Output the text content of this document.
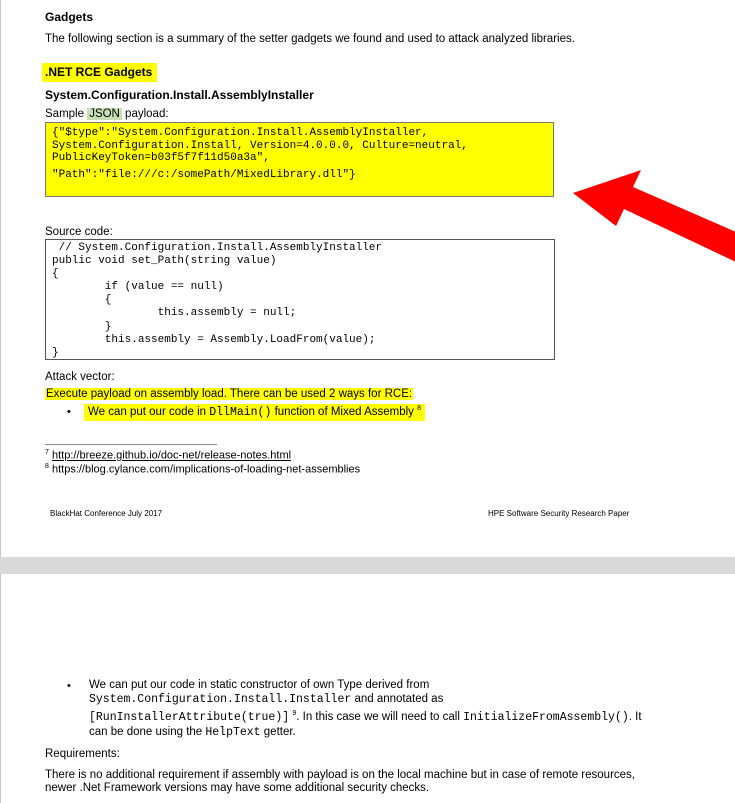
Gadgets
The following section is a summary of the setter gadgets we found and used to attack analyzed libraries.
.NET RCE Gadgets
System.Configuration.Install.AssemblyInstaller
Sample JSON payload:
{"$type":"System.Configuration.Install.AssemblyInstaller,
System.Configuration.Install, Version=4.0.0.0, Culture=neutral,
PublicKeyToken=b03f5f7f11d50a3a",
"Path":"file:///c:/somePath/MixedLibrary.dll"}
Source code:
// System.Configuration.Install.AssemblyInstaller
public void set_Path(string value)
{
if (value == null)
{
this.assembly = null;
}
this.assembly = Assembly.LoadFrom(value);
}
Attack vector:
Execute payload on assembly load. There can be used 2 ways for RCE:
•	We can put our code in DllMain() function of Mixed Assembly $^8$
$^7$ http://breeze.github.io/doc-net/release-notes.html
$^8$ https://blog.cylance.com/implications-of-loading-net-assemblies
BlackHat Conference July 2017	HPE Software Security Research Paper
• We can put our code in static constructor of own Type derived from
System.Configuration.Install.Installer and annotated as
[RunInstallerAttribute(true)] $^9$. In this case we will need to call InitializeFromAssembly(). It
can be done using the HelpText getter.
Requirements:
There is no additional requirement if assembly with payload is on the local machine but in case of remote resources,
newer .Net Framework versions may have some additional security checks.
